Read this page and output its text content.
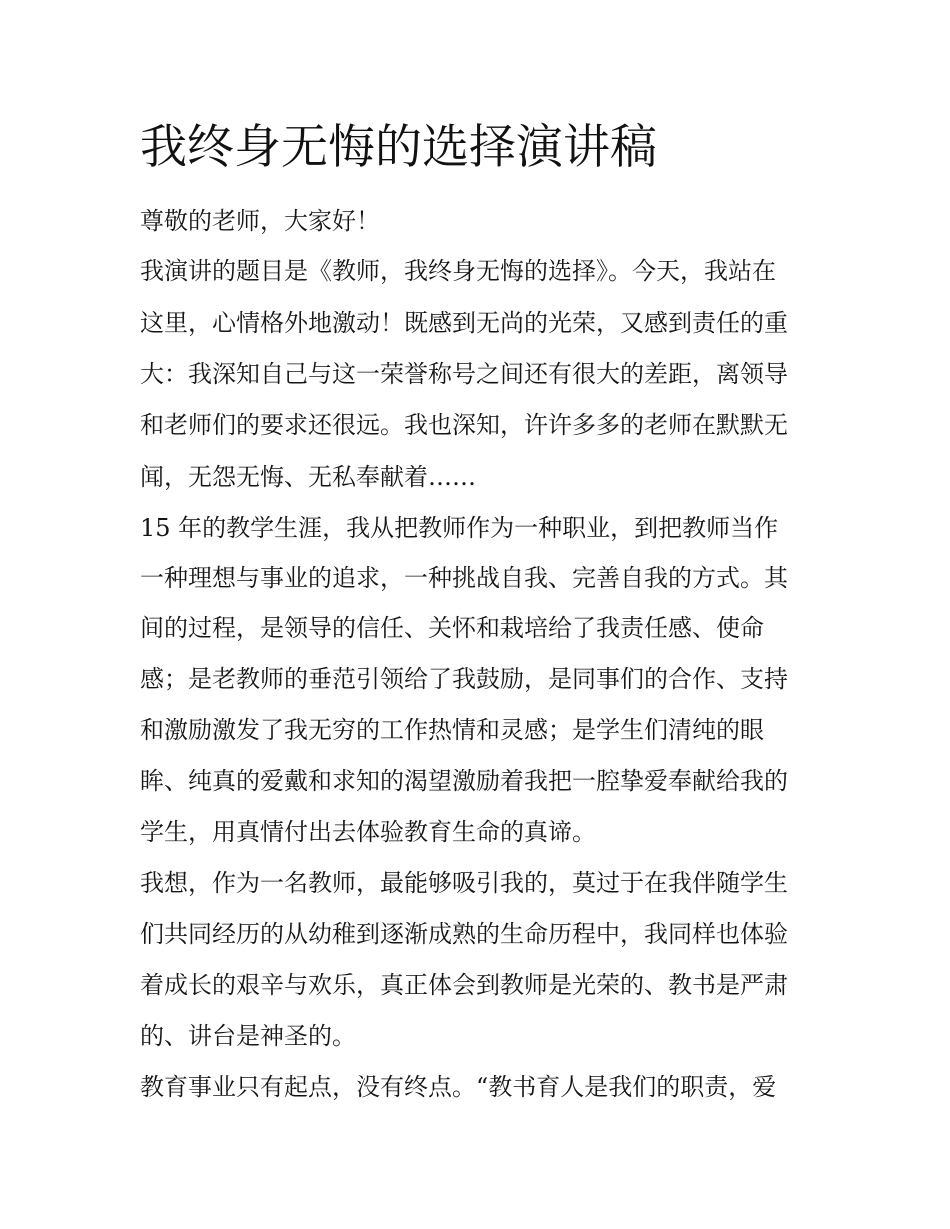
我终身无悔的选择演讲稿

尊敬的老师，大家好！

我演讲的题目是《教师，我终身无悔的选择》。今天，我站在

这里，心情格外地激动！既感到无尚的光荣，又感到责任的重

大：我深知自己与这一荣誉称号之间还有很大的差距，离领导

和老师们的要求还很远。我也深知，许许多多的老师在默默无

闻，无怨无悔、无私奉献着……

15 年的教学生涯，我从把教师作为一种职业，到把教师当作

一种理想与事业的追求，一种挑战自我、完善自我的方式。其

间的过程，是领导的信任、关怀和栽培给了我责任感、使命

感；是老教师的垂范引领给了我鼓励，是同事们的合作、支持

和激励激发了我无穷的工作热情和灵感；是学生们清纯的眼

眸、纯真的爱戴和求知的渴望激励着我把一腔挚爱奉献给我的

学生，用真情付出去体验教育生命的真谛。

我想，作为一名教师，最能够吸引我的，莫过于在我伴随学生

们共同经历的从幼稚到逐渐成熟的生命历程中，我同样也体验

着成长的艰辛与欢乐，真正体会到教师是光荣的、教书是严肃

的、讲台是神圣的。

教育事业只有起点，没有终点。“教书育人是我们的职责，爱
